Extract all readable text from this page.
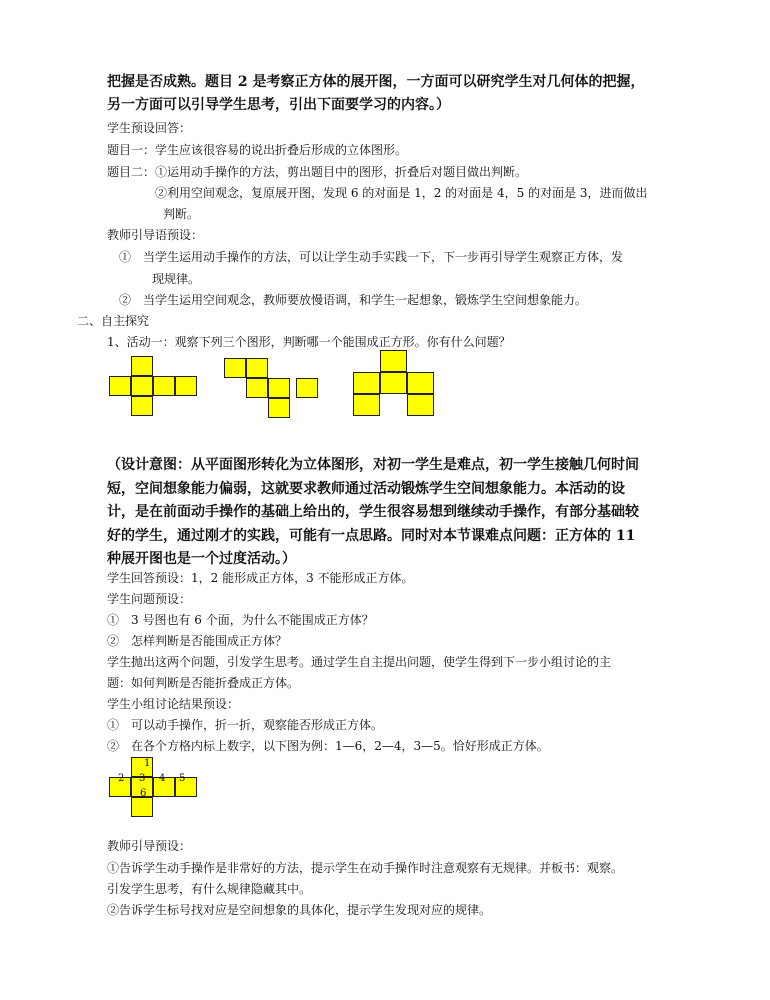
把握是否成熟。题目 2 是考察正方体的展开图，一方面可以研究学生对几何体的把握，
另一方面可以引导学生思考，引出下面要学习的内容。）
学生预设回答：
题目一：学生应该很容易的说出折叠后形成的立体图形。
题目二：①运用动手操作的方法，剪出题目中的图形，折叠后对题目做出判断。
②利用空间观念，复原展开图，发现 6 的对面是 1，2 的对面是 4，5 的对面是 3，进而做出
判断。
教师引导语预设：
①　当学生运用动手操作的方法，可以让学生动手实践一下，下一步再引导学生观察正方体，发
现规律。
②　当学生运用空间观念，教师要放慢语调，和学生一起想象，锻炼学生空间想象能力。
二、自主探究
1、活动一：观察下列三个图形，判断哪一个能围成正方形。你有什么问题？
（设计意图：从平面图形转化为立体图形，对初一学生是难点，初一学生接触几何时间
短，空间想象能力偏弱，这就要求教师通过活动锻炼学生空间想象能力。本活动的设
计，是在前面动手操作的基础上给出的，学生很容易想到继续动手操作，有部分基础较
好的学生，通过刚才的实践，可能有一点思路。同时对本节课难点问题：正方体的 11
种展开图也是一个过度活动。）
学生回答预设：1，2 能形成正方体，3 不能形成正方体。
学生问题预设：
①　3 号图也有 6 个面，为什么不能围成正方体？
②　怎样判断是否能围成正方体？
学生抛出这两个问题，引发学生思考。通过学生自主提出问题，使学生得到下一步小组讨论的主
题：如何判断是否能折叠成正方体。
学生小组讨论结果预设：
①　可以动手操作，折一折，观察能否形成正方体。
②　在各个方格内标上数字，以下图为例：1—6，2—4，3—5。恰好形成正方体。
1
2 3 4 5
6
教师引导预设：
①告诉学生动手操作是非常好的方法，提示学生在动手操作时注意观察有无规律。并板书：观察。
引发学生思考，有什么规律隐藏其中。
②告诉学生标号找对应是空间想象的具体化，提示学生发现对应的规律。
